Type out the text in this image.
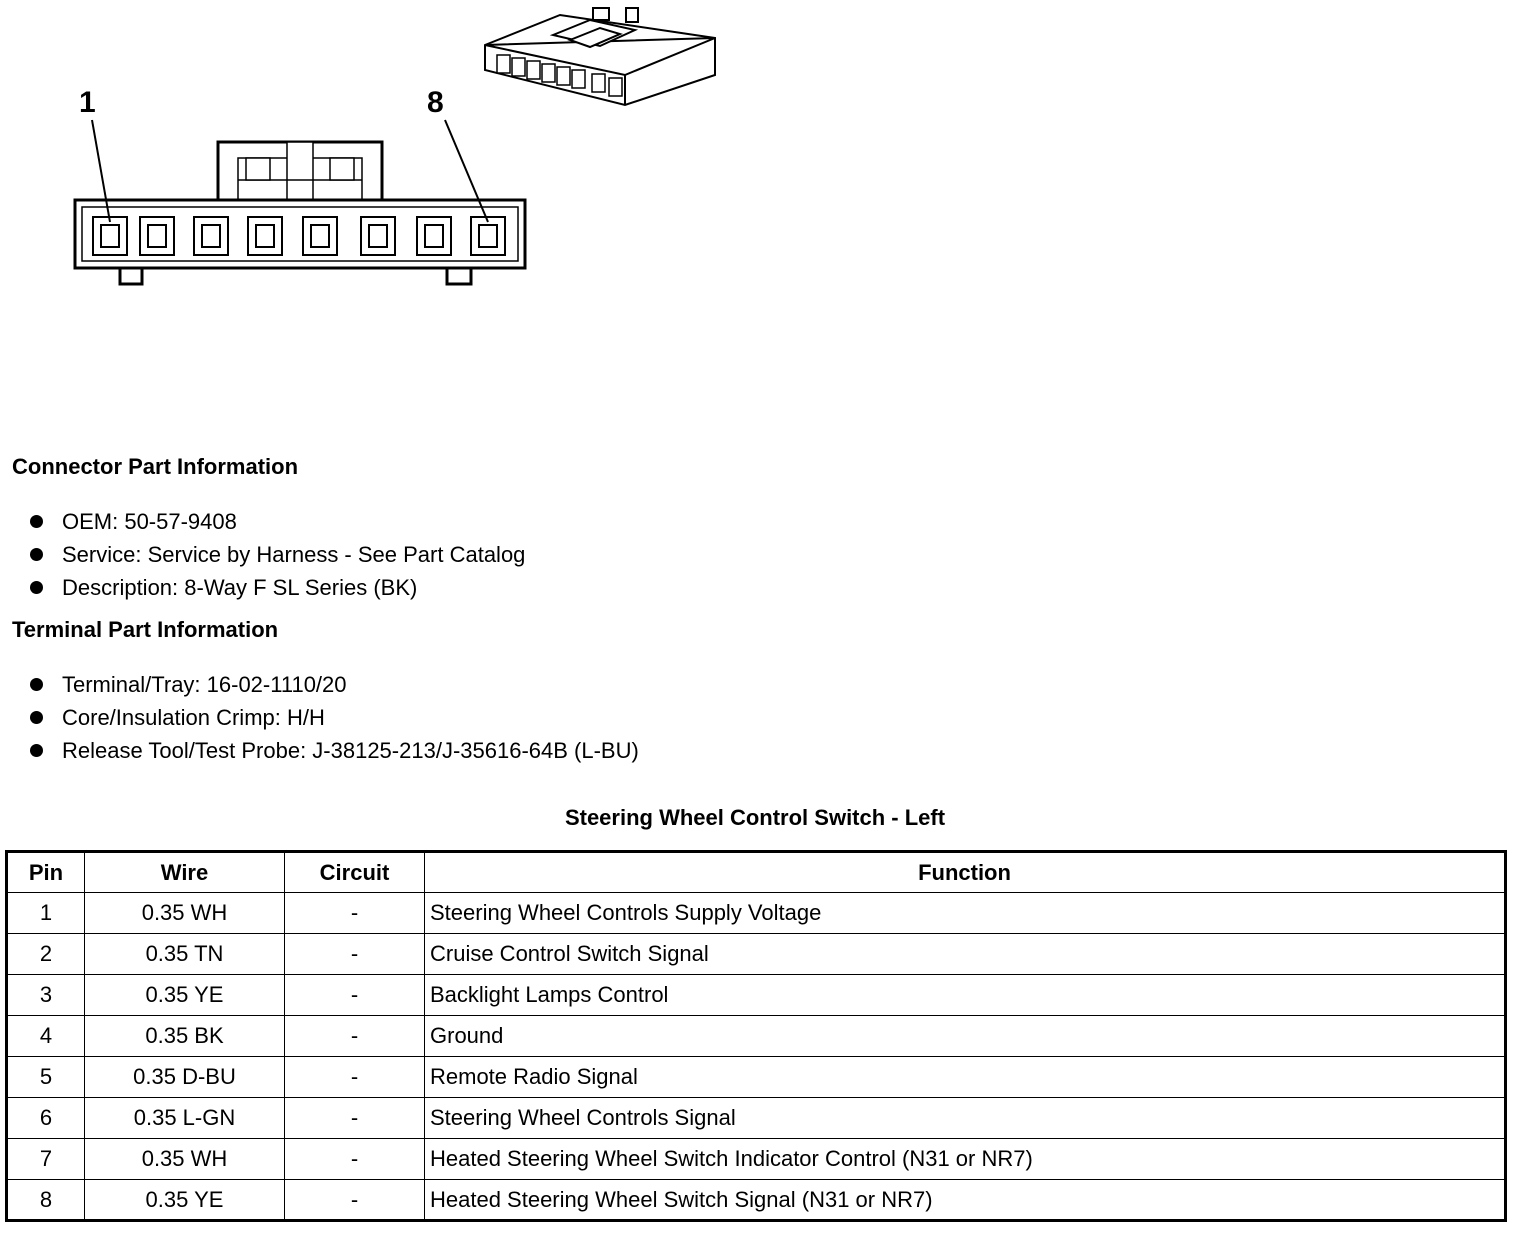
1	8
Connector Part Information
OEM: 50-57-9408
Service: Service by Harness - See Part Catalog
Description: 8-Way F SL Series (BK)
Terminal Part Information
Terminal/Tray: 16-02-1110/20
Core/Insulation Crimp: H/H
Release Tool/Test Probe: J-38125-213/J-35616-64B (L-BU)
Steering Wheel Control Switch - Left
Pin	Wire	Circuit	Function
1	0.35 WH	-	Steering Wheel Controls Supply Voltage
2	0.35 TN	-	Cruise Control Switch Signal
3	0.35 YE	-	Backlight Lamps Control
4	0.35 BK	-	Ground
5	0.35 D-BU	-	Remote Radio Signal
6	0.35 L-GN	-	Steering Wheel Controls Signal
7	0.35 WH	-	Heated Steering Wheel Switch Indicator Control (N31 or NR7)
8	0.35 YE	-	Heated Steering Wheel Switch Signal (N31 or NR7)
